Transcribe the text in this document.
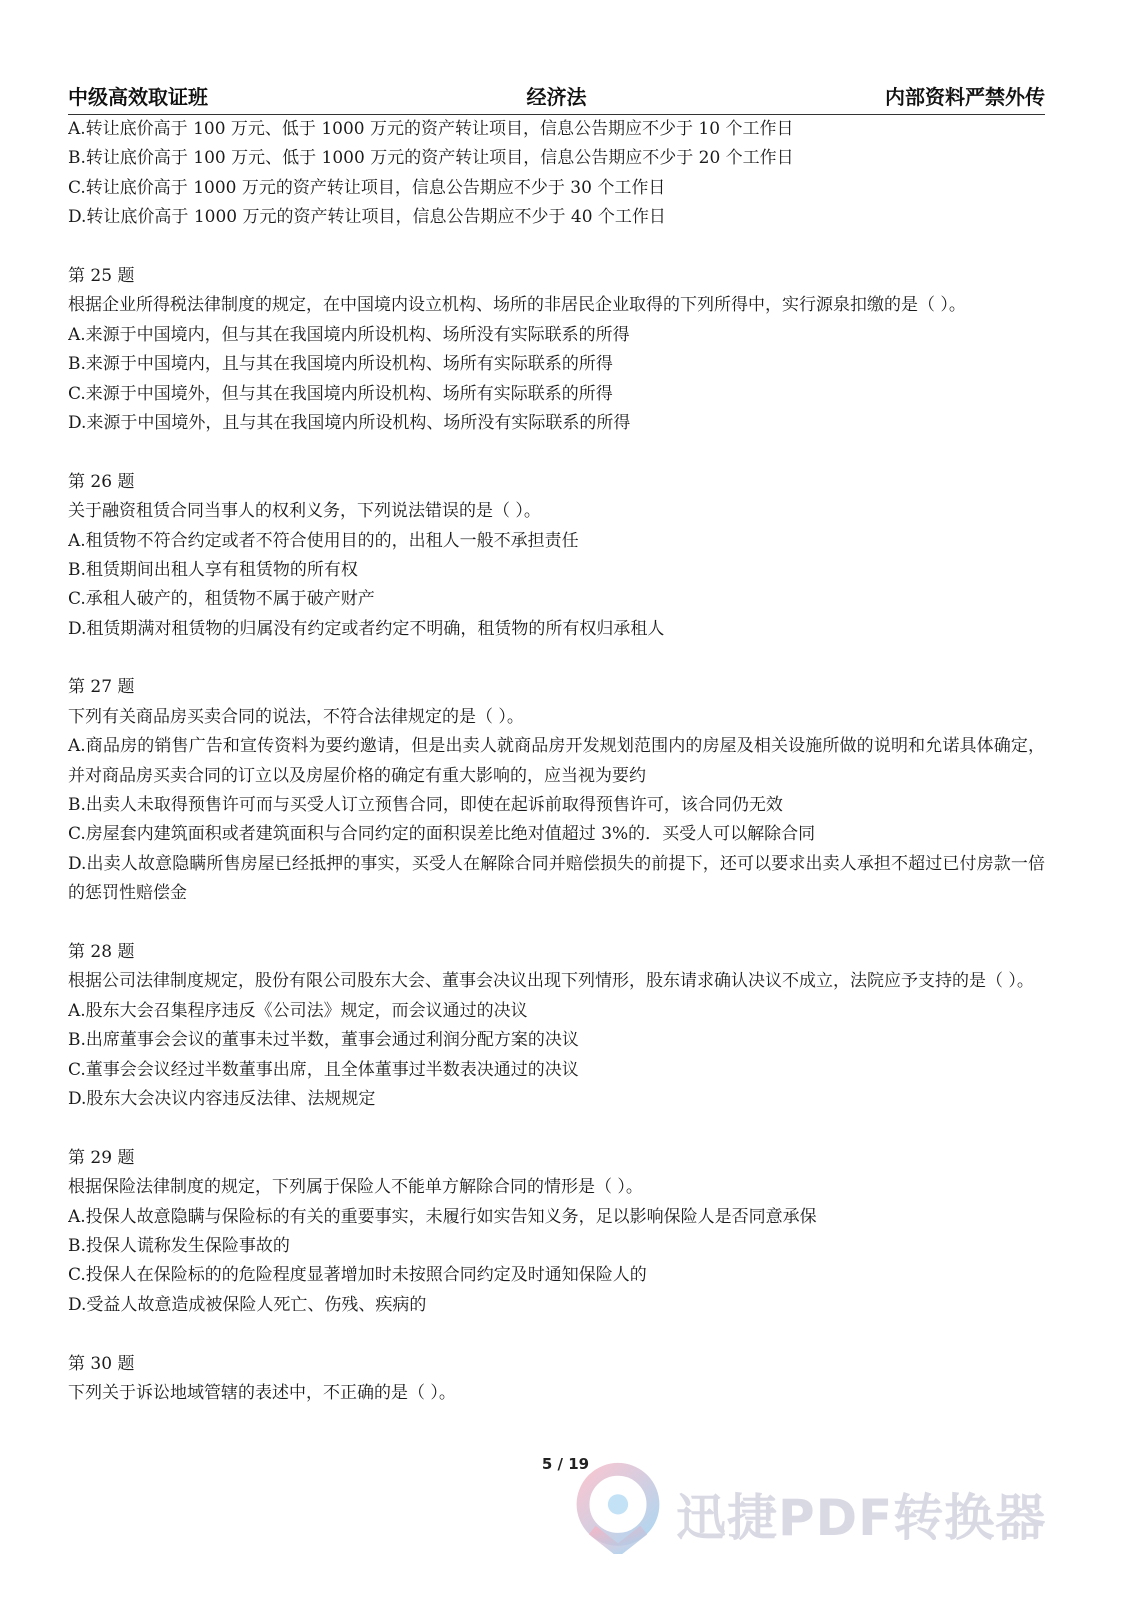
中级高效取证班	经济法	内部资料严禁外传
A.转让底价高于 100 万元、低于 1000 万元的资产转让项目，信息公告期应不少于 10 个工作日
B.转让底价高于 100 万元、低于 1000 万元的资产转让项目，信息公告期应不少于 20 个工作日
C.转让底价高于 1000 万元的资产转让项目，信息公告期应不少于 30 个工作日
D.转让底价高于 1000 万元的资产转让项目，信息公告期应不少于 40 个工作日
第 25 题
根据企业所得税法律制度的规定，在中国境内设立机构、场所的非居民企业取得的下列所得中，实行源泉扣缴的是（ ）。
A.来源于中国境内，但与其在我国境内所设机构、场所没有实际联系的所得
B.来源于中国境内，且与其在我国境内所设机构、场所有实际联系的所得
C.来源于中国境外，但与其在我国境内所设机构、场所有实际联系的所得
D.来源于中国境外，且与其在我国境内所设机构、场所没有实际联系的所得
第 26 题
关于融资租赁合同当事人的权利义务，下列说法错误的是（ ）。
A.租赁物不符合约定或者不符合使用目的的，出租人一般不承担责任
B.租赁期间出租人享有租赁物的所有权
C.承租人破产的，租赁物不属于破产财产
D.租赁期满对租赁物的归属没有约定或者约定不明确，租赁物的所有权归承租人
第 27 题
下列有关商品房买卖合同的说法，不符合法律规定的是（ ）。
A.商品房的销售广告和宣传资料为要约邀请，但是出卖人就商品房开发规划范围内的房屋及相关设施所做的说明和允诺具体确定，并对商品房买卖合同的订立以及房屋价格的确定有重大影响的，应当视为要约
B.出卖人未取得预售许可而与买受人订立预售合同，即使在起诉前取得预售许可，该合同仍无效
C.房屋套内建筑面积或者建筑面积与合同约定的面积误差比绝对值超过 3%的．买受人可以解除合同
D.出卖人故意隐瞒所售房屋已经抵押的事实，买受人在解除合同并赔偿损失的前提下，还可以要求出卖人承担不超过已付房款一倍的惩罚性赔偿金
第 28 题
根据公司法律制度规定，股份有限公司股东大会、董事会决议出现下列情形，股东请求确认决议不成立，法院应予支持的是（ ）。
A.股东大会召集程序违反《公司法》规定，而会议通过的决议
B.出席董事会会议的董事未过半数，董事会通过利润分配方案的决议
C.董事会会议经过半数董事出席，且全体董事过半数表决通过的决议
D.股东大会决议内容违反法律、法规规定
第 29 题
根据保险法律制度的规定，下列属于保险人不能单方解除合同的情形是（ ）。
A.投保人故意隐瞒与保险标的有关的重要事实，未履行如实告知义务，足以影响保险人是否同意承保
B.投保人谎称发生保险事故的
C.投保人在保险标的的危险程度显著增加时未按照合同约定及时通知保险人的
D.受益人故意造成被保险人死亡、伤残、疾病的
第 30 题
下列关于诉讼地域管辖的表述中，不正确的是（ ）。
5 / 19
迅捷PDF转换器
